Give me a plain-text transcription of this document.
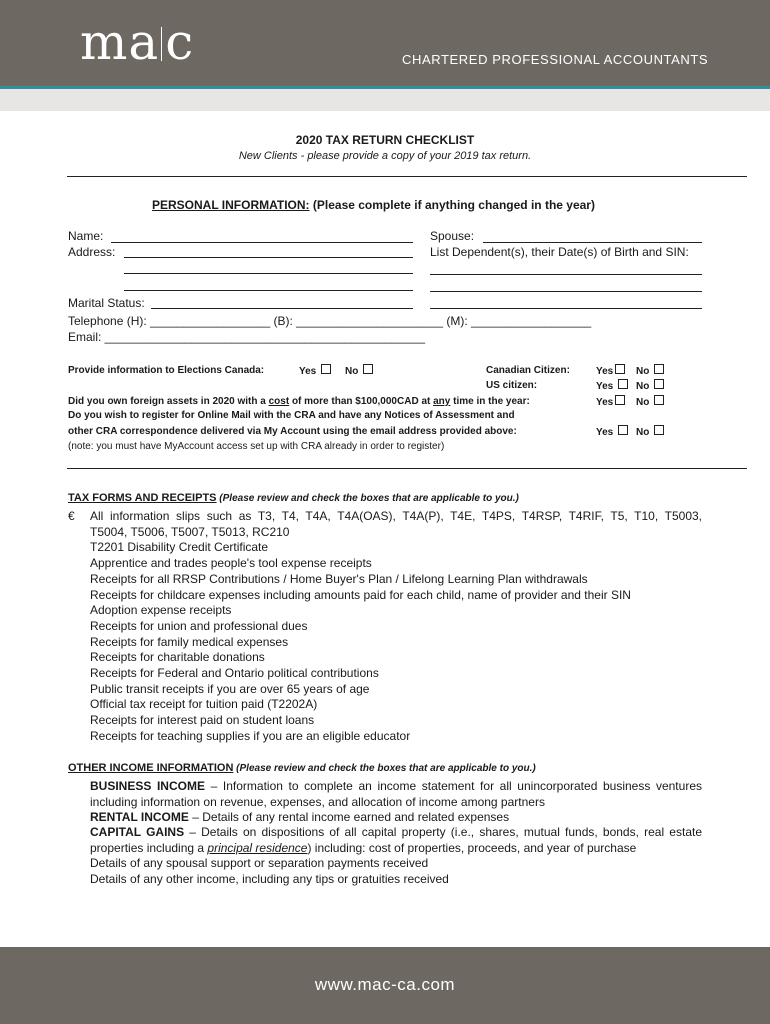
ma c	CHARTERED PROFESSIONAL ACCOUNTANTS
2020 TAX RETURN CHECKLIST
New Clients - please provide a copy of your 2019 tax return.
PERSONAL INFORMATION: (Please complete if anything changed in the year)
Name:
Address:
Spouse:
List Dependent(s), their Date(s) of Birth and SIN:
Marital Status:
Telephone (H): __________________ (B): ______________________ (M): __________________
Email: ________________________________________________
Provide information to Elections Canada:	Yes	No	Canadian Citizen:	Yes	No
US citizen:	Yes	No
Did you own foreign assets in 2020 with a cost of more than $100,000CAD at any time in the year:	Yes	No
Do you wish to register for Online Mail with the CRA and have any Notices of Assessment and
other CRA correspondence delivered via My Account using the email address provided above:	Yes	No
(note: you must have MyAccount access set up with CRA already in order to register)
TAX FORMS AND RECEIPTS (Please review and check the boxes that are applicable to you.)
€ All information slips such as T3, T4, T4A, T4A(OAS), T4A(P), T4E, T4PS, T4RSP, T4RIF, T5, T10, T5003,
T5004, T5006, T5007, T5013, RC210
T2201 Disability Credit Certificate
Apprentice and trades people's tool expense receipts
Receipts for all RRSP Contributions / Home Buyer's Plan / Lifelong Learning Plan withdrawals
Receipts for childcare expenses including amounts paid for each child, name of provider and their SIN
Adoption expense receipts
Receipts for union and professional dues
Receipts for family medical expenses
Receipts for charitable donations
Receipts for Federal and Ontario political contributions
Public transit receipts if you are over 65 years of age
Official tax receipt for tuition paid (T2202A)
Receipts for interest paid on student loans
Receipts for teaching supplies if you are an eligible educator
OTHER INCOME INFORMATION (Please review and check the boxes that are applicable to you.)
BUSINESS INCOME – Information to complete an income statement for all unincorporated business ventures including information on revenue, expenses, and allocation of income among partners
RENTAL INCOME – Details of any rental income earned and related expenses
CAPITAL GAINS – Details on dispositions of all capital property (i.e., shares, mutual funds, bonds, real estate properties including a principal residence) including: cost of properties, proceeds, and year of purchase
Details of any spousal support or separation payments received
Details of any other income, including any tips or gratuities received
www.mac-ca.com
